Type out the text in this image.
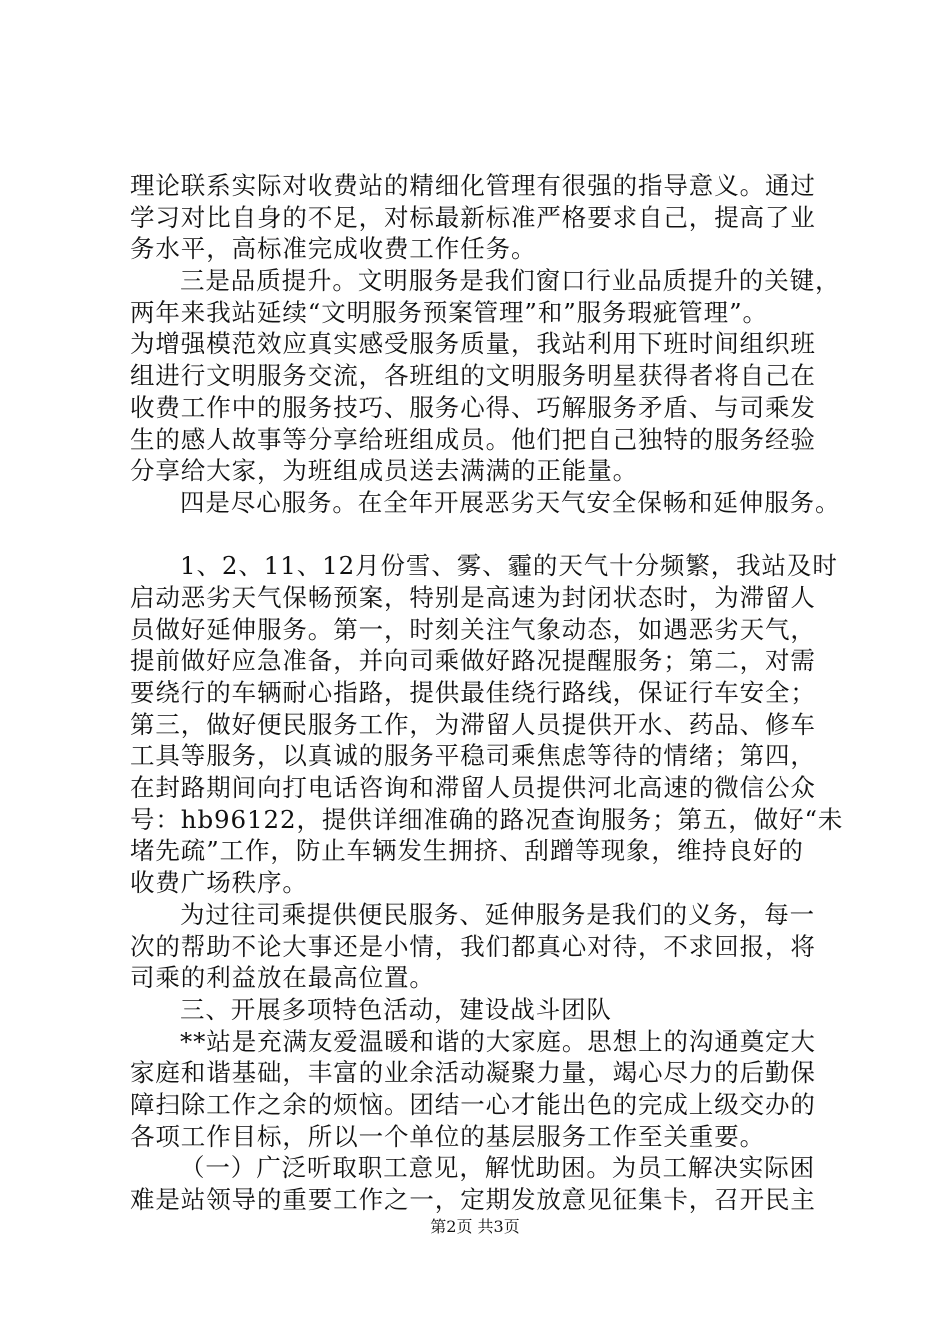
理论联系实际对收费站的精细化管理有很强的指导意义。通过
学习对比自身的不足，对标最新标准严格要求自己，提高了业
务水平，高标准完成收费工作任务。
三是品质提升。文明服务是我们窗口行业品质提升的关键，
两年来我站延续“文明服务预案管理”和”服务瑕疵管理”。
为增强模范效应真实感受服务质量，我站利用下班时间组织班
组进行文明服务交流，各班组的文明服务明星获得者将自己在
收费工作中的服务技巧、服务心得、巧解服务矛盾、与司乘发
生的感人故事等分享给班组成员。他们把自己独特的服务经验
分享给大家，为班组成员送去满满的正能量。
四是尽心服务。在全年开展恶劣天气安全保畅和延伸服务。
1、2、11、12月份雪、雾、霾的天气十分频繁，我站及时
启动恶劣天气保畅预案，特别是高速为封闭状态时，为滞留人
员做好延伸服务。第一，时刻关注气象动态，如遇恶劣天气，
提前做好应急准备，并向司乘做好路况提醒服务；第二，对需
要绕行的车辆耐心指路，提供最佳绕行路线，保证行车安全；
第三，做好便民服务工作，为滞留人员提供开水、药品、修车
工具等服务，以真诚的服务平稳司乘焦虑等待的情绪；第四，
在封路期间向打电话咨询和滞留人员提供河北高速的微信公众
号：hb96122，提供详细准确的路况查询服务；第五，做好“未
堵先疏”工作，防止车辆发生拥挤、刮蹭等现象，维持良好的
收费广场秩序。
为过往司乘提供便民服务、延伸服务是我们的义务，每一
次的帮助不论大事还是小情，我们都真心对待，不求回报，将
司乘的利益放在最高位置。
三、开展多项特色活动，建设战斗团队
**站是充满友爱温暖和谐的大家庭。思想上的沟通奠定大
家庭和谐基础，丰富的业余活动凝聚力量，竭心尽力的后勤保
障扫除工作之余的烦恼。团结一心才能出色的完成上级交办的
各项工作目标，所以一个单位的基层服务工作至关重要。
（一）广泛听取职工意见，解忧助困。为员工解决实际困
难是站领导的重要工作之一，定期发放意见征集卡，召开民主
第2页 共3页
